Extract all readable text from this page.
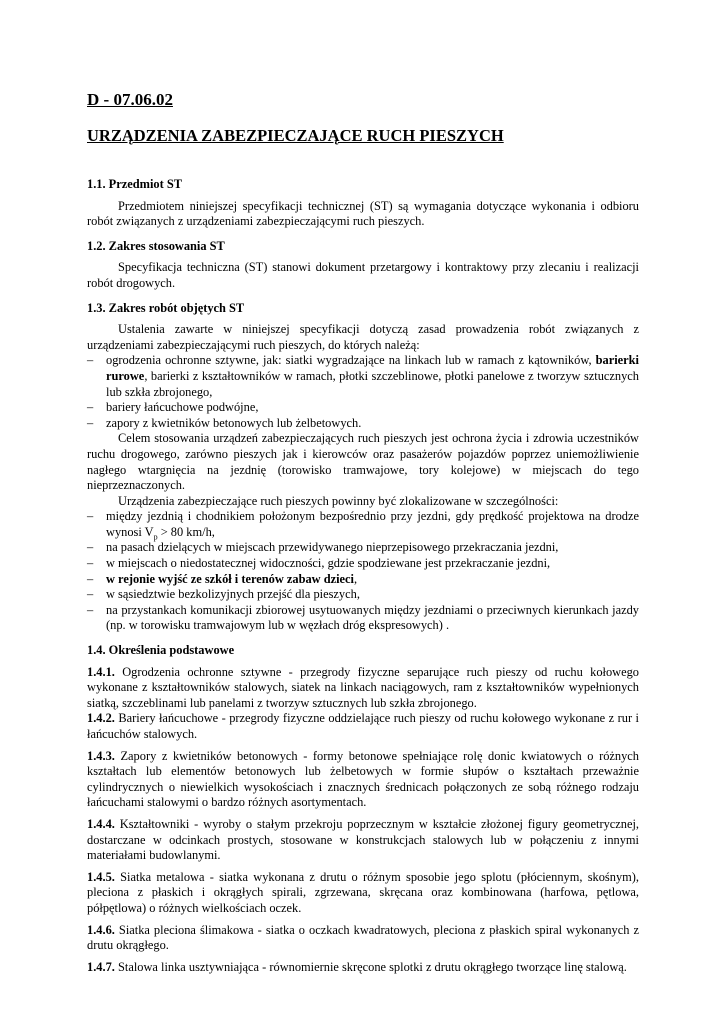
D - 07.06.02
URZĄDZENIA ZABEZPIECZAJĄCE RUCH PIESZYCH
1.1. Przedmiot ST

Przedmiotem niniejszej specyfikacji technicznej (ST) są wymagania dotyczące wykonania i odbioru robót związanych z urządzeniami zabezpieczającymi ruch pieszych.

1.2. Zakres stosowania ST

Specyfikacja techniczna (ST) stanowi dokument przetargowy i kontraktowy przy zlecaniu i realizacji robót drogowych.

1.3. Zakres robót objętych ST

Ustalenia zawarte w niniejszej specyfikacji dotyczą zasad prowadzenia robót związanych z urządzeniami zabezpieczającymi ruch pieszych, do których należą:

– ogrodzenia ochronne sztywne, jak: siatki wygradzające na linkach lub w ramach z kątowników, barierki rurowe, barierki z kształtowników w ramach, płotki szczeblinowe, płotki panelowe z tworzyw sztucznych lub szkła zbrojonego,
– bariery łańcuchowe podwójne,
– zapory z kwietników betonowych lub żelbetowych.

Celem stosowania urządzeń zabezpieczających ruch pieszych jest ochrona życia i zdrowia uczestników ruchu drogowego, zarówno pieszych jak i kierowców oraz pasażerów pojazdów poprzez uniemożliwienie nagłego wtargnięcia na jezdnię (torowisko tramwajowe, tory kolejowe) w miejscach do tego nieprzeznaczonych.

Urządzenia zabezpieczające ruch pieszych powinny być zlokalizowane w szczególności:

– między jezdnią i chodnikiem położonym bezpośrednio przy jezdni, gdy prędkość projektowa na drodze wynosi $V_p > 80$ km/h,
– na pasach dzielących w miejscach przewidywanego nieprzepisowego przekraczania jezdni,
– w miejscach o niedostatecznej widoczności, gdzie spodziewane jest przekraczanie jezdni,
– w rejonie wyjść ze szkół i terenów zabaw dzieci,
– w sąsiedztwie bezkolizyjnych przejść dla pieszych,
– na przystankach komunikacji zbiorowej usytuowanych między jezdniami o przeciwnych kierunkach jazdy (np. w torowisku tramwajowym lub w węzłach dróg ekspresowych) .
1.4. Określenia podstawowe

1.4.1. Ogrodzenia ochronne sztywne - przegrody fizyczne separujące ruch pieszy od ruchu kołowego wykonane z kształtowników stalowych, siatek na linkach naciągowych, ram z kształtowników wypełnionych siatką, szczeblinami lub panelami z tworzyw sztucznych lub szkła zbrojonego.

1.4.2. Bariery łańcuchowe - przegrody fizyczne oddzielające ruch pieszy od ruchu kołowego wykonane z rur i łańcuchów stalowych.

1.4.3. Zapory z kwietników betonowych - formy betonowe spełniające rolę donic kwiatowych o różnych kształtach lub elementów betonowych lub żelbetowych w formie słupów o kształtach przeważnie cylindrycznych o niewielkich wysokościach i znacznych średnicach połączonych ze sobą różnego rodzaju łańcuchami stalowymi o bardzo różnych asortymentach.

1.4.4. Kształtowniki - wyroby o stałym przekroju poprzecznym w kształcie złożonej figury geometrycznej, dostarczane w odcinkach prostych, stosowane w konstrukcjach stalowych lub w połączeniu z innymi materiałami budowlanymi.

1.4.5. Siatka metalowa - siatka wykonana z drutu o różnym sposobie jego splotu (płóciennym, skośnym), pleciona z płaskich i okrągłych spirali, zgrzewana, skręcana oraz kombinowana (harfowa, pętlowa, półpętlowa) o różnych wielkościach oczek.

1.4.6. Siatka pleciona ślimakowa - siatka o oczkach kwadratowych, pleciona z płaskich spiral wykonanych z drutu okrągłego.

1.4.7. Stalowa linka usztywniająca - równomiernie skręcone splotki z drutu okrągłego tworzące linę stalową.
